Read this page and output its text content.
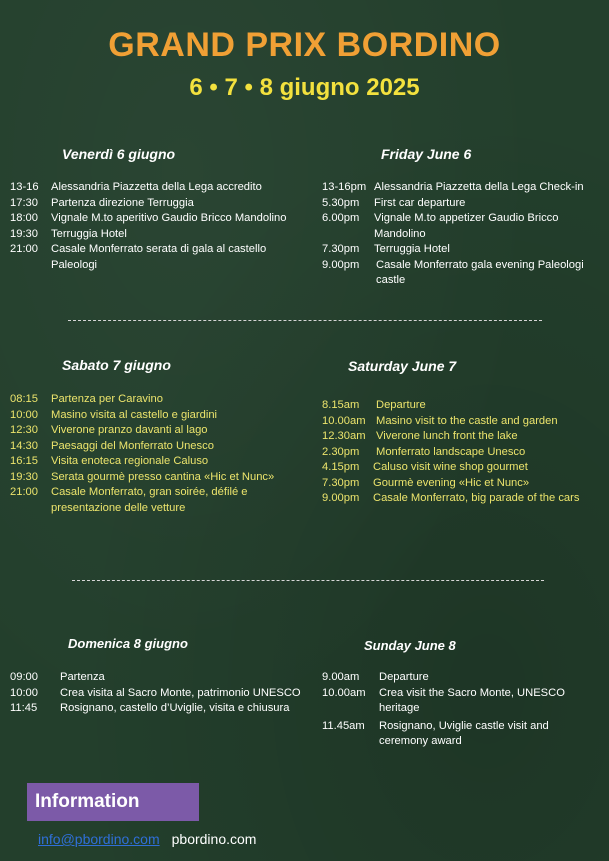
GRAND PRIX BORDINO
6 • 7 • 8 giugno 2025
Venerdì 6 giugno	Friday June 6
13-16	Alessandria Piazzetta della Lega accredito
17:30	Partenza direzione Terruggia
18:00	Vignale M.to aperitivo Gaudio Bricco Mandolino
19:30	Terruggia Hotel
21:00	Casale Monferrato serata di gala al castello Paleologi
13-16pm Alessandria Piazzetta della Lega Check-in
5.30pm	First car departure
6.00pm	Vignale M.to appetizer Gaudio Bricco Mandolino
7.30pm	Terruggia Hotel
9.00pm	Casale Monferrato gala evening Paleologi castle
Sabato 7 giugno	Saturday June 7
08:15	Partenza per Caravino
10:00	Masino visita al castello e giardini
12:30	Viverone pranzo davanti al lago
14:30	Paesaggi del Monferrato Unesco
16:15	Visita enoteca regionale Caluso
19:30	Serata gourmè presso cantina «Hic et Nunc»
21:00	Casale Monferrato, gran soirée, défilé e presentazione delle vetture
8.15am	Departure
10.00am Masino visit to the castle and garden
12.30am Viverone lunch front the lake
2.30pm	Monferrato landscape Unesco
4.15pm	Caluso visit wine shop gourmet
7.30pm	Gourmè evening «Hic et Nunc»
9.00pm	Casale Monferrato, big parade of the cars
Domenica 8 giugno	Sunday June 8
09:00	Partenza
10:00	Crea visita al Sacro Monte, patrimonio UNESCO
11:45	Rosignano, castello d’Uviglie, visita e chiusura
9.00am	Departure
10.00am	Crea visit the Sacro Monte, UNESCO heritage
11.45am	Rosignano, Uviglie castle visit and ceremony award
Information
info@pbordino.com pbordino.com
